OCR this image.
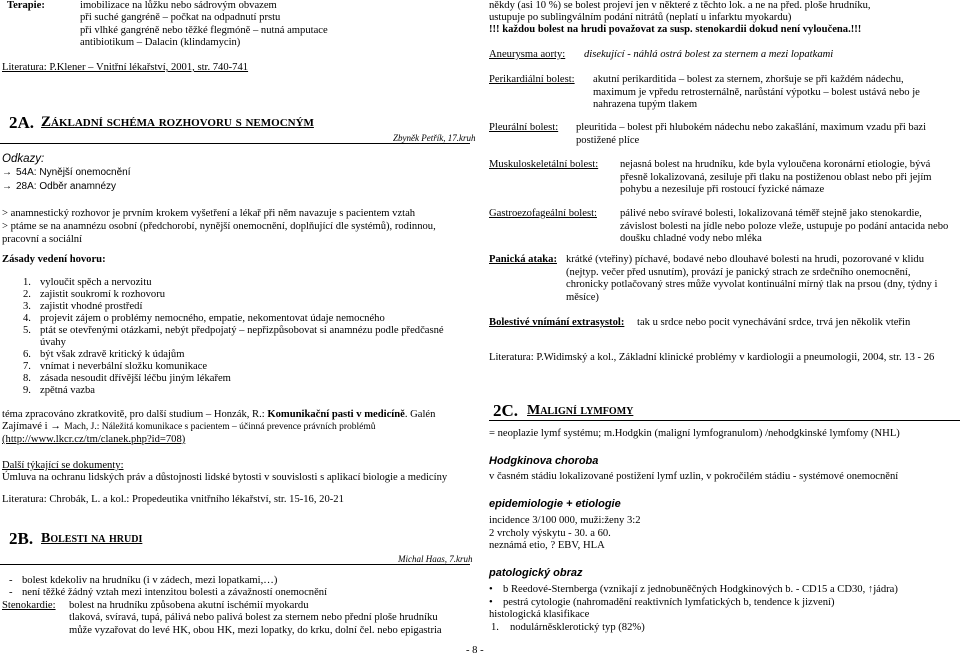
Terapie:	imobilizace na lůžku nebo sádrovým obvazem
při suché gangréně – počkat na odpadnutí prstu
při vlhké gangréně nebo těžké flegmóně – nutná amputace
antibiotikum – Dalacin (klindamycin)
Literatura: P.Klener – Vnitřní lékařství, 2001, str. 740-741
2A. Základní schéma rozhovoru s nemocným
Zbyněk Petřík, 17.kruh
Odkazy:
→ 54A: Nynější onemocnění
→ 28A: Odběr anamnézy
> anamnestický rozhovor je prvním krokem vyšetření a lékař při něm navazuje s pacientem vztah
> ptáme se na anamnézu osobní (předchorobí, nynější onemocnění, doplňující dle systémů), rodinnou,
pracovní a sociální
Zásady vedení hovoru:
1. vyloučit spěch a nervozitu
2. zajistit soukromí k rozhovoru
3. zajistit vhodné prostředí
4. projevit zájem o problémy nemocného, empatie, nekomentovat údaje nemocného
5. ptát se otevřenými otázkami, nebýt předpojatý – nepřizpůsobovat si anamnézu podle předčasné
úvahy
6. být však zdravě kritický k údajům
7. vnímat i neverbální složku komunikace
8. zásada nesoudit dřívější léčbu jiným lékařem
9. zpětná vazba
téma zpracováno zkratkovitě, pro další studium – Honzák, R.: Komunikační pasti v medicíně. Galén
Zajímavé i → Mach, J.: Náležitá komunikace s pacientem – účinná prevence právních problémů
(http://www.lkcr.cz/tm/clanek.php?id=708)
Další týkající se dokumenty:
Úmluva na ochranu lidských práv a důstojnosti lidské bytosti v souvislosti s aplikací biologie a medicíny
Literatura: Chrobák, L. a kol.: Propedeutika vnitřního lékařství, str. 15-16, 20-21
2B. Bolesti na hrudi
Michal Haas, 7.kruh
- bolest kdekoliv na hrudníku (i v zádech, mezi lopatkami,…)
- není těžké žádný vztah mezi intenzitou bolesti a závažností onemocnění
Stenokardie: bolest na hrudníku způsobena akutní ischémií myokardu
tlaková, svíravá, tupá, pálivá nebo palivá bolest za sternem nebo přední ploše hrudníku
může vyzařovat do levé HK, obou HK, mezi lopatky, do krku, dolní čel. nebo epigastria
- 8 -
někdy (asi 10 %) se bolest projeví jen v některé z těchto lok. a ne na před. ploše hrudníku,
ustupuje po sublingválním podání nitrátů (neplatí u infarktu myokardu)
!!! každou bolest na hrudi považovat za susp. stenokardii dokud není vyloučena.!!!
Aneurysma aorty: disekující - náhlá ostrá bolest za sternem a mezi lopatkami
Perikardiální bolest: akutní perikarditida – bolest za sternem, zhoršuje se při každém nádechu,
maximum je vpředu retrosternálně, narůstání výpotku – bolest ustává nebo je
nahrazena tupým tlakem
Pleurální bolest: pleuritida – bolest při hlubokém nádechu nebo zakašlání, maximum vzadu při bazi
postižené plíce
Muskuloskeletální bolest: nejasná bolest na hrudníku, kde byla vyloučena koronární etiologie, bývá
přesně lokalizovaná, zesiluje při tlaku na postiženou oblast nebo při jejím
pohybu a nezesiluje při rostoucí fyzické námaze
Gastroezofageální bolest: pálivé nebo svíravé bolesti, lokalizovaná téměř stejně jako stenokardie,
závislost bolesti na jídle nebo poloze vleže, ustupuje po podání antacida nebo
doušku chladné vody nebo mléka
Panická ataka: krátké (vteřiny) píchavé, bodavé nebo dlouhavé bolesti na hrudi, pozorované v klidu
(nejtyp. večer před usnutím), provází je panický strach ze srdečního onemocnění,
chronicky potlačovaný stres může vyvolat kontinuální mírný tlak na prsou (dny, týdny i
měsíce)
Bolestivé vnímání extrasystol: tak u srdce nebo pocit vynechávání srdce, trvá jen několik vteřin
Literatura: P.Widimský a kol., Základní klinické problémy v kardiologii a pneumologii, 2004, str. 13 - 26
2C. Maligní lymfomy
= neoplazie lymf systému; m.Hodgkin (maligní lymfogranulom) /nehodgkinské lymfomy (NHL)
Hodgkinova choroba
v časném stádiu lokalizované postižení lymf uzlin, v pokročilém stádiu - systémové onemocnění
epidemiologie + etiologie
incidence 3/100 000, muži:ženy 3:2
2 vrcholy výskytu - 30. a 60.
neznámá etio, ? EBV, HLA
patologický obraz
• b Reedové-Sternberga (vznikají z jednobuněčných Hodgkinových b. - CD15 a CD30, ↑jádra)
• pestrá cytologie (nahromadění reaktivních lymfatických b, tendence k jizvení)
histologická klasifikace
1. nodulárněsklerotický typ (82%)
